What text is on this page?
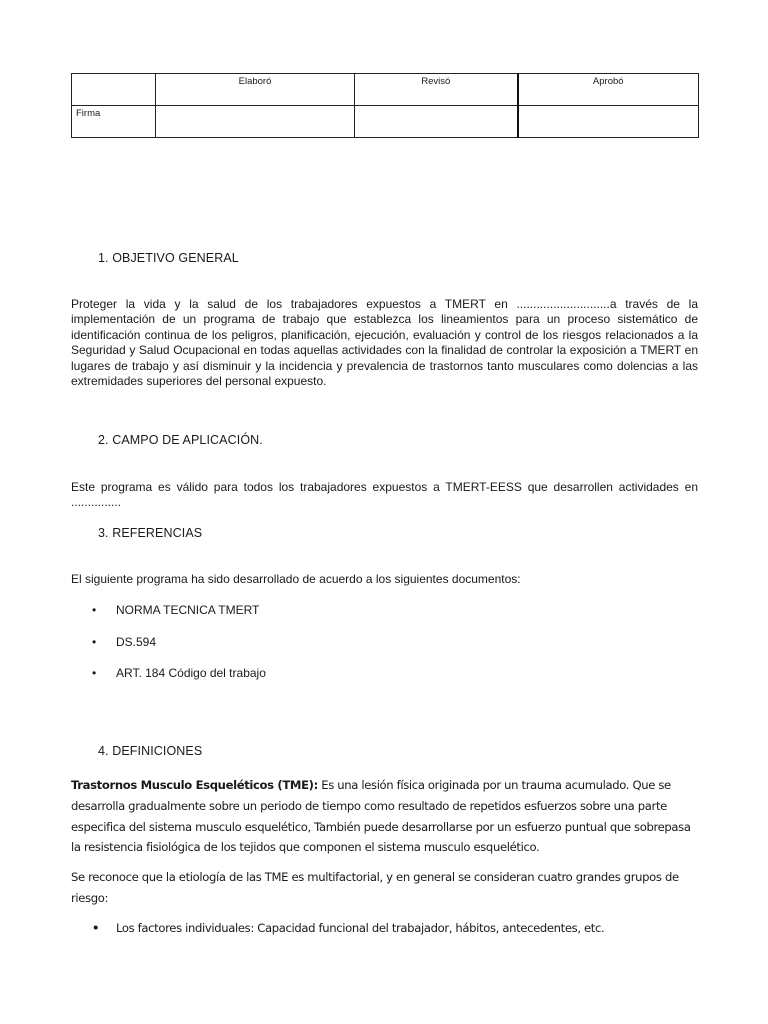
	Elaboró	Revisó	Aprobó
Firma			
1. OBJETIVO GENERAL
Proteger la vida y la salud de los trabajadores expuestos a TMERT en ............................a través de la implementación de un programa de trabajo que establezca los lineamientos para un proceso sistemático de identificación continua de los peligros, planificación, ejecución, evaluación y control de los riesgos relacionados a la Seguridad y Salud Ocupacional en todas aquellas actividades con la finalidad de controlar la exposición a TMERT en lugares de trabajo y así disminuir y la incidencia y prevalencia de trastornos tanto musculares como dolencias a las extremidades superiores del personal expuesto.
2. CAMPO DE APLICACIÓN.
Este programa es válido para todos los trabajadores expuestos a TMERT-EESS que desarrollen actividades en ...............
3. REFERENCIAS
El siguiente programa ha sido desarrollado de acuerdo a los siguientes documentos:
•	NORMA TECNICA TMERT
•	DS.594
•	ART. 184 Código del trabajo
4. DEFINICIONES
Trastornos Musculo Esqueléticos (TME): Es una lesión física originada por un trauma acumulado. Que se desarrolla gradualmente sobre un periodo de tiempo como resultado de repetidos esfuerzos sobre una parte especifica del sistema musculo esquelético, También puede desarrollarse por un esfuerzo puntual que sobrepasa la resistencia fisiológica de los tejidos que componen el sistema musculo esquelético.
Se reconoce que la etiología de las TME es multifactorial, y en general se consideran cuatro grandes grupos de riesgo:
•	Los factores individuales: Capacidad funcional del trabajador, hábitos, antecedentes, etc.
